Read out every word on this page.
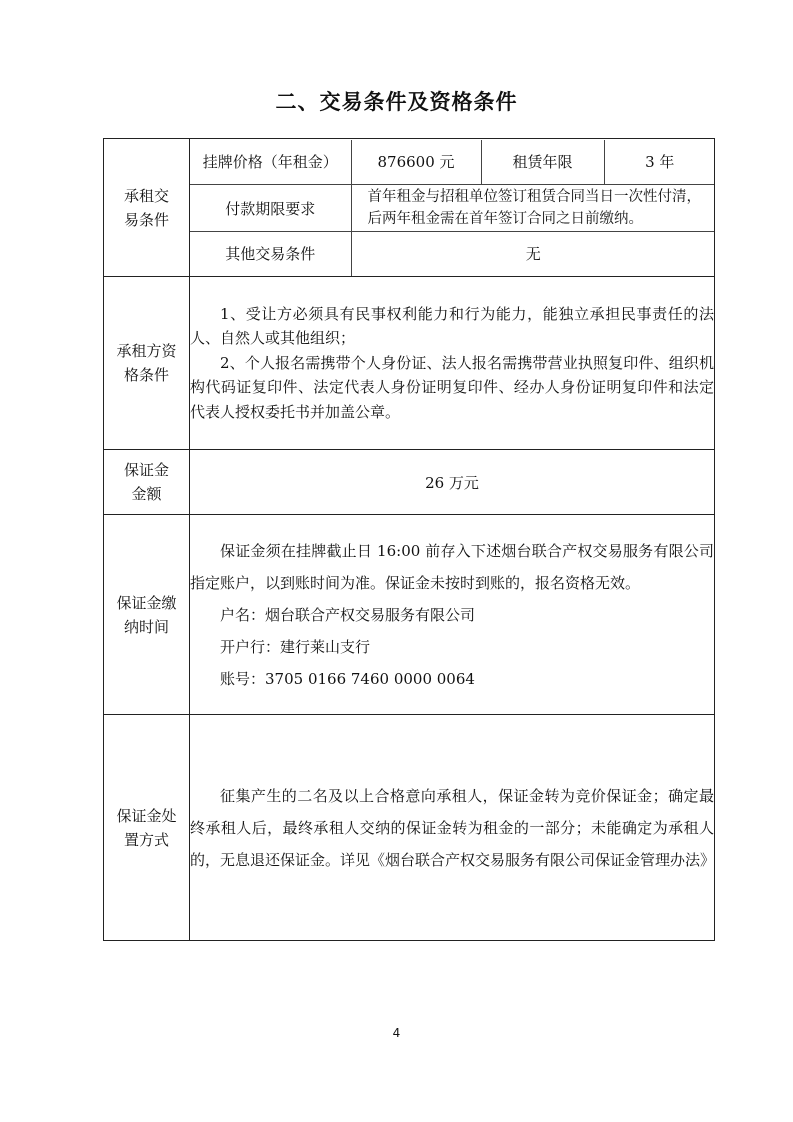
二、交易条件及资格条件
承租交易条件

挂牌价格（年租金）	876600 元	租赁年限	3 年
付款期限要求	首年租金与招租单位签订租赁合同当日一次性付清，后两年租金需在首年签订合同之日前缴纳。
其他交易条件	无

承租方资格条件

1、受让方必须具有民事权利能力和行为能力，能独立承担民事责任的法人、自然人或其他组织；

2、个人报名需携带个人身份证、法人报名需携带营业执照复印件、组织机构代码证复印件、法定代表人身份证明复印件、经办人身份证明复印件和法定代表人授权委托书并加盖公章。

保证金金额
	26 万元

保证金缴纳时间

保证金须在挂牌截止日 16:00 前存入下述烟台联合产权交易服务有限公司指定账户，以到账时间为准。保证金未按时到账的，报名资格无效。

户名：烟台联合产权交易服务有限公司

开户行：建行莱山支行

账号：3705 0166 7460 0000 0064

保证金处置方式

征集产生的二名及以上合格意向承租人，保证金转为竞价保证金；确定最终承租人后，最终承租人交纳的保证金转为租金的一部分；未能确定为承租人的，无息退还保证金。详见《烟台联合产权交易服务有限公司保证金管理办法》

4
